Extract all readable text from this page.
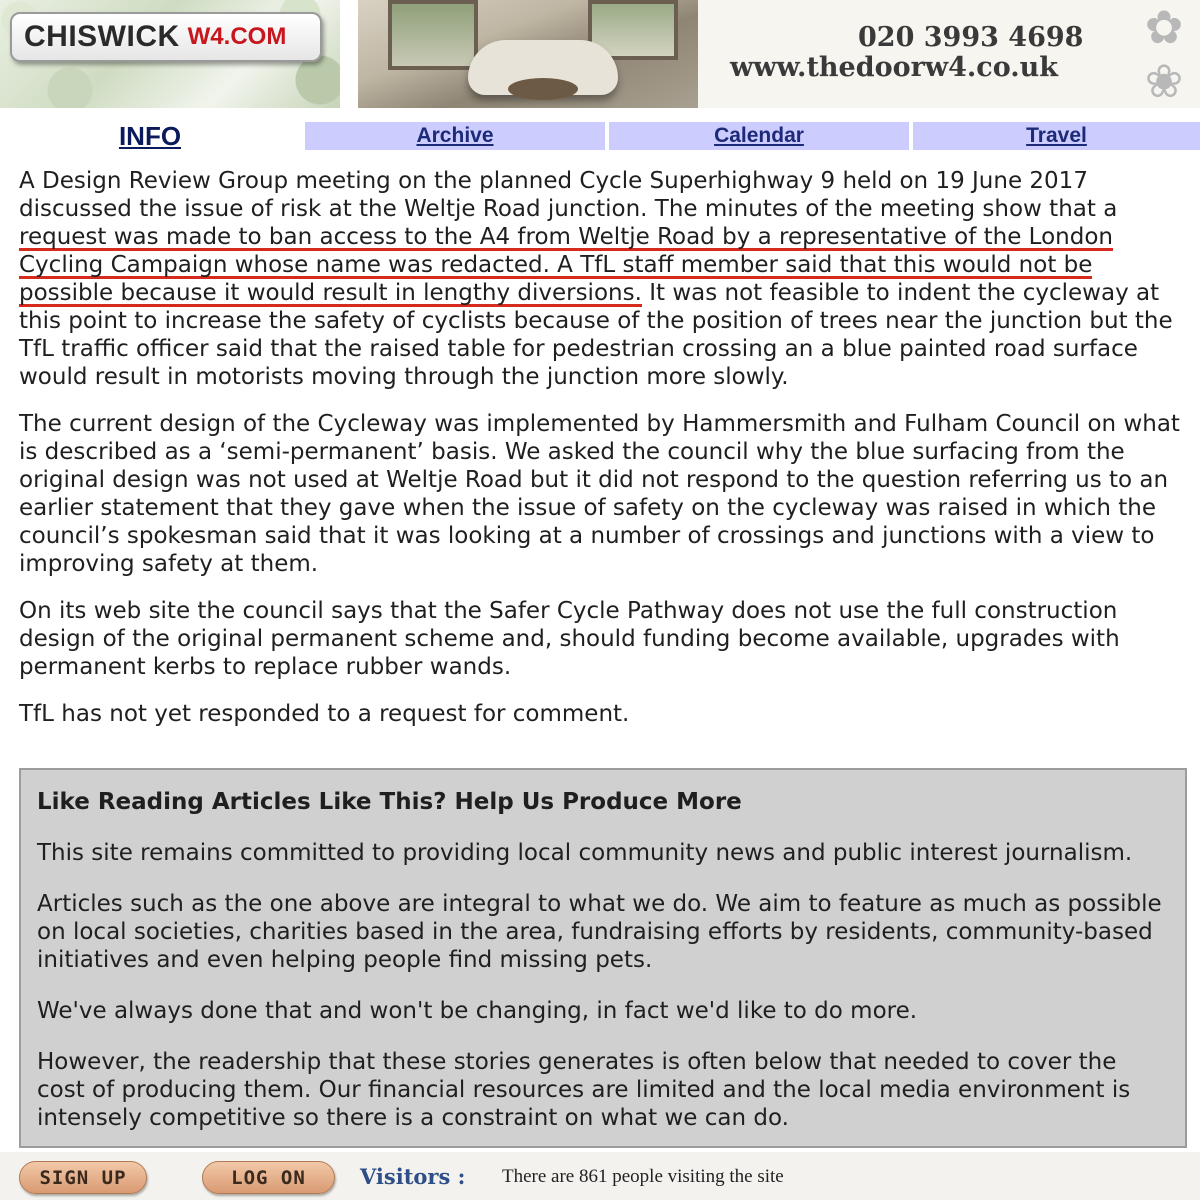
CHISWICK W4.COM	020 3993 4698
www.thedoorw4.co.uk
✿
❀
INFO	Archive	Calendar	Travel

A Design Review Group meeting on the planned Cycle Superhighway 9 held on 19 June 2017 discussed the issue of risk at the Weltje Road junction. The minutes of the meeting show that a request was made to ban access to the A4 from Weltje Road by a representative of the London Cycling Campaign whose name was redacted. A TfL staff member said that this would not be possible because it would result in lengthy diversions. It was not feasible to indent the cycleway at this point to increase the safety of cyclists because of the position of trees near the junction but the TfL traffic officer said that the raised table for pedestrian crossing an a blue painted road surface would result in motorists moving through the junction more slowly.

The current design of the Cycleway was implemented by Hammersmith and Fulham Council on what is described as a ‘semi-permanent’ basis. We asked the council why the blue surfacing from the original design was not used at Weltje Road but it did not respond to the question referring us to an earlier statement that they gave when the issue of safety on the cycleway was raised in which the council’s spokesman said that it was looking at a number of crossings and junctions with a view to improving safety at them.

On its web site the council says that the Safer Cycle Pathway does not use the full construction design of the original permanent scheme and, should funding become available, upgrades with permanent kerbs to replace rubber wands.

TfL has not yet responded to a request for comment.

Like Reading Articles Like This? Help Us Produce More

This site remains committed to providing local community news and public interest journalism.

Articles such as the one above are integral to what we do. We aim to feature as much as possible on local societies, charities based in the area, fundraising efforts by residents, community-based initiatives and even helping people find missing pets.

We've always done that and won't be changing, in fact we'd like to do more.

However, the readership that these stories generates is often below that needed to cover the cost of producing them. Our financial resources are limited and the local media environment is intensely competitive so there is a constraint on what we can do.

SIGN UP	LOG ON	Visitors : There are 861 people visiting the site
